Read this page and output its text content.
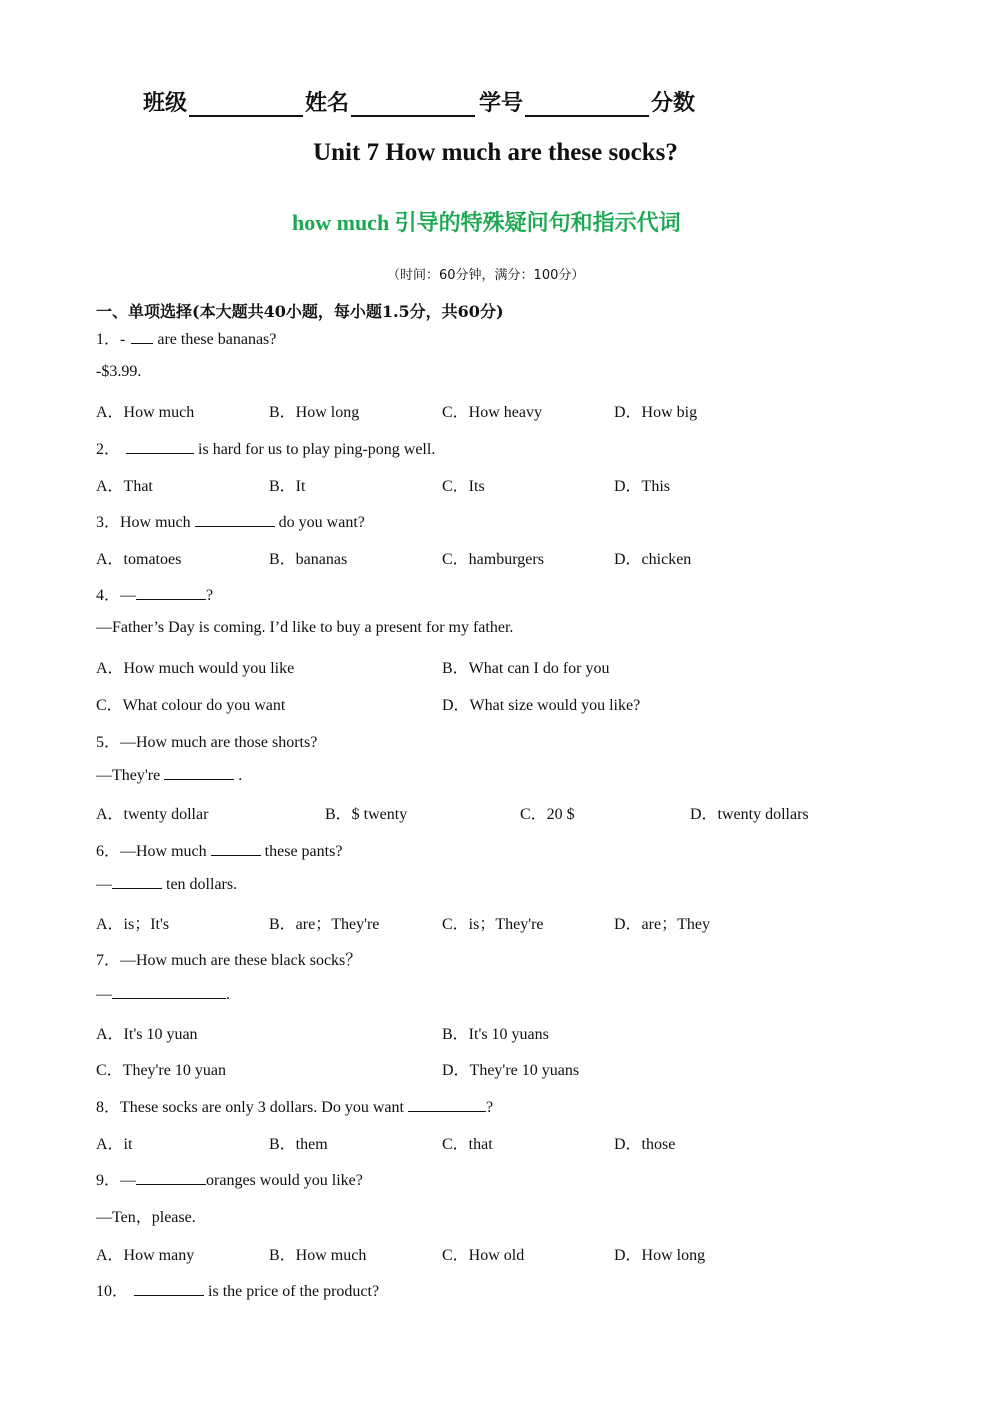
班级	姓名	学号	分数
Unit 7 How much are these socks?
how much 引导的特殊疑问句和指示代词
（时间：60分钟，满分：100分）
一、单项选择(本大题共40小题，每小题1.5分，共60分)
1．- are these bananas?
-$3.99.
A．How much	B．How long	C．How heavy	D．How big
2．	is hard for us to play ping-pong well.
A．That	B．It	C．Its	D．This
3．How much	do you want?
A．tomatoes	B．bananas	C．hamburgers	D．chicken
4．—	?
—Father’s Day is coming. I’d like to buy a present for my father.
A．How much would you like	B．What can I do for you
C．What colour do you want	D．What size would you like?
5．—How much are those shorts?
—They're	.
A．twenty dollar	B．$ twenty	C．20 $	D．twenty dollars
6．—How much	these pants?
—	ten dollars.
A．is；It's	B．are；They're	C．is；They're	D．are；They
7．—How much are these black socks？
—	.
A．It's 10 yuan	B．It's 10 yuans
C．They're 10 yuan	D．They're 10 yuans
8．These socks are only 3 dollars. Do you want	?
A．it	B．them	C．that	D．those
9．—	oranges would you like?
—Ten，please.
A．How many	B．How much	C．How old	D．How long
10．	is the price of the product?
